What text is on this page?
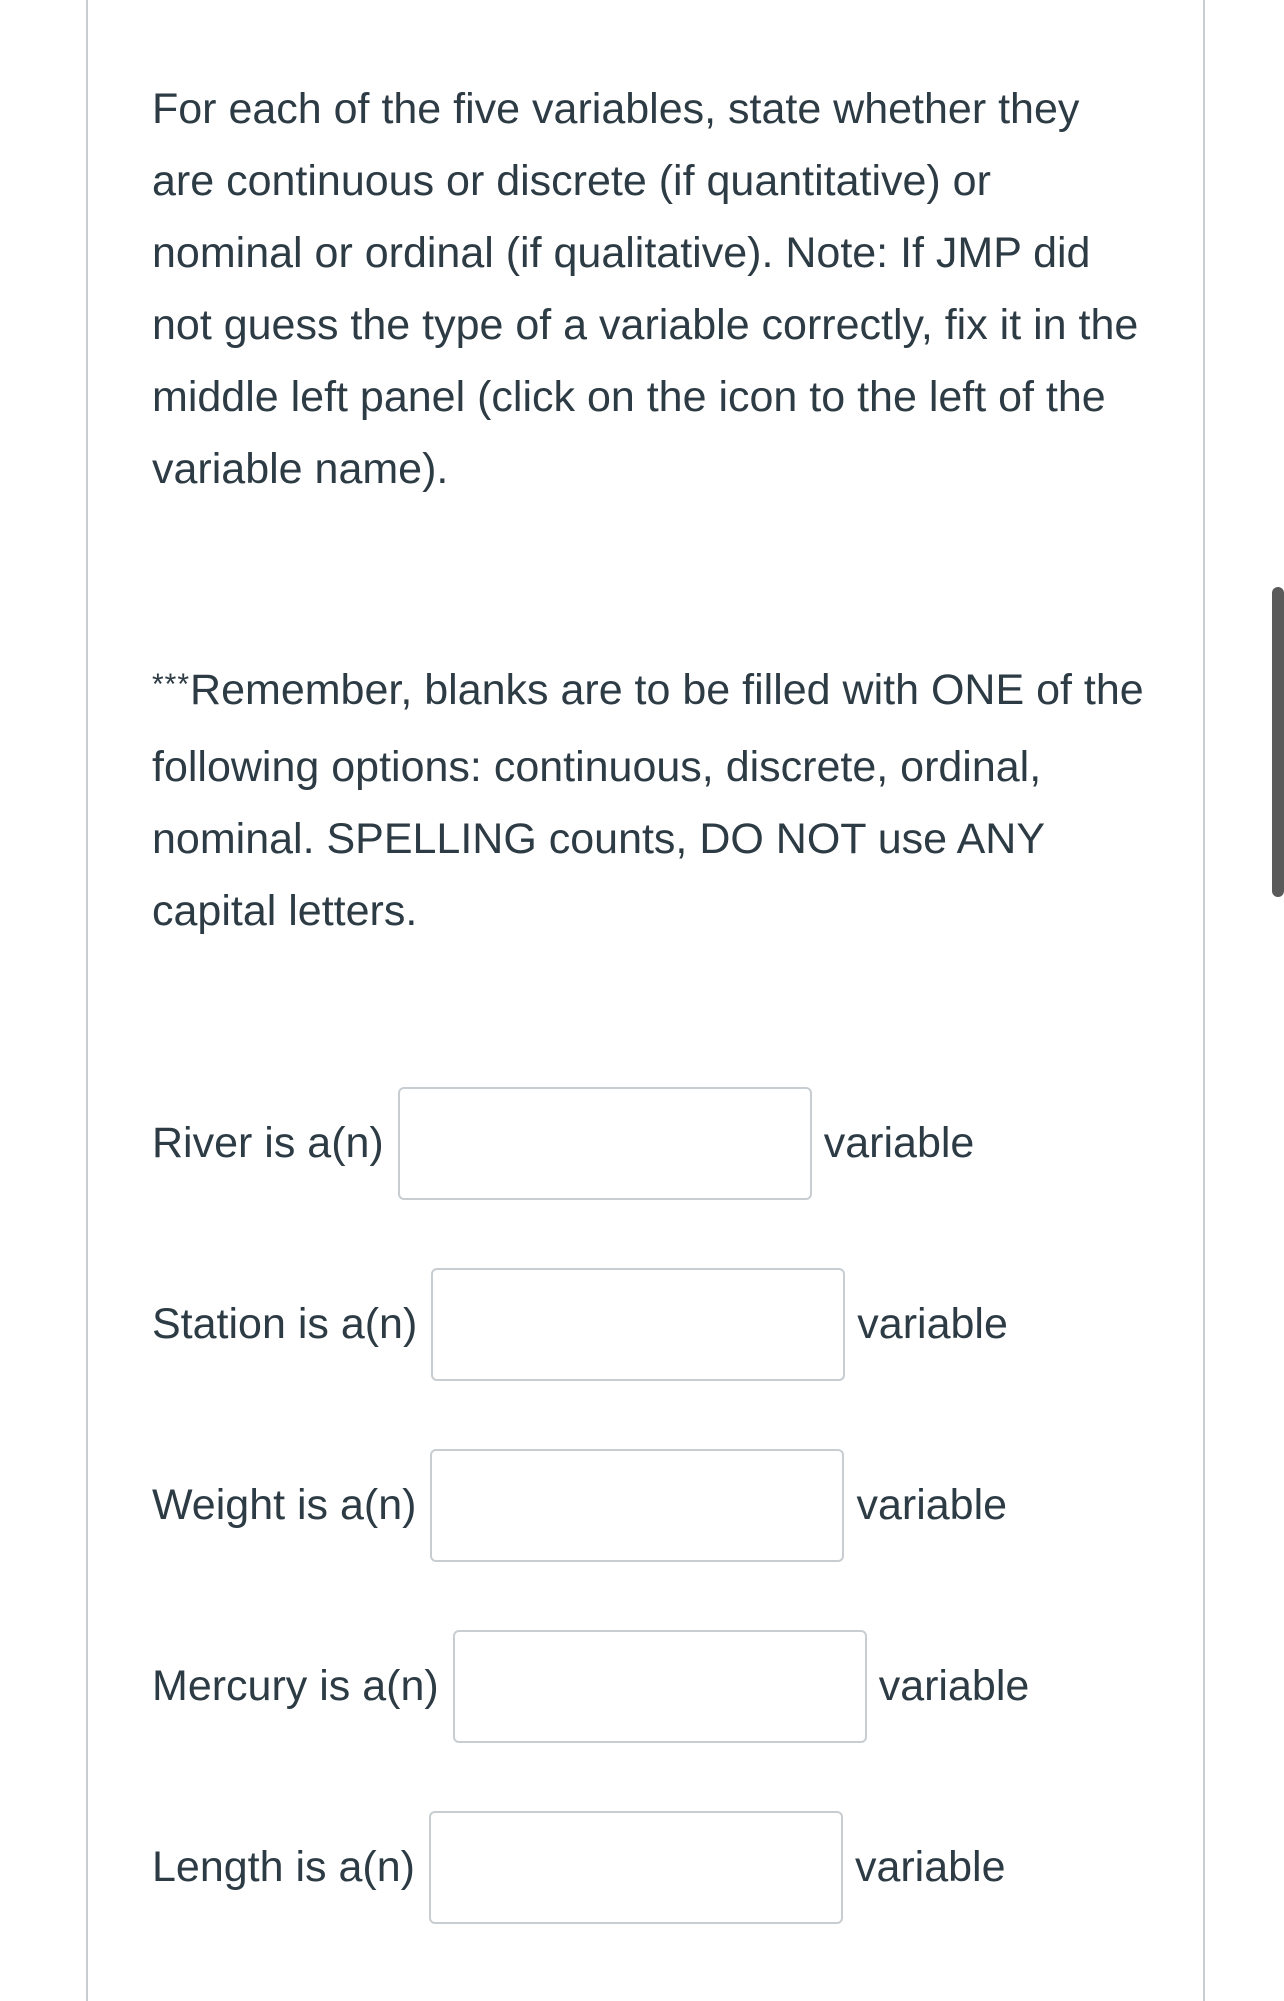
For each of the five variables, state whether they are continuous or discrete (if quantitative) or nominal or ordinal (if qualitative). Note: If JMP did not guess the type of a variable correctly, fix it in the middle left panel (click on the icon to the left of the variable name).

***Remember, blanks are to be filled with ONE of the following options: continuous, discrete, ordinal, nominal. SPELLING counts, DO NOT use ANY capital letters.

River is a(n)	variable
Station is a(n)	variable
Weight is a(n)	variable
Mercury is a(n)	variable
Length is a(n)	variable
